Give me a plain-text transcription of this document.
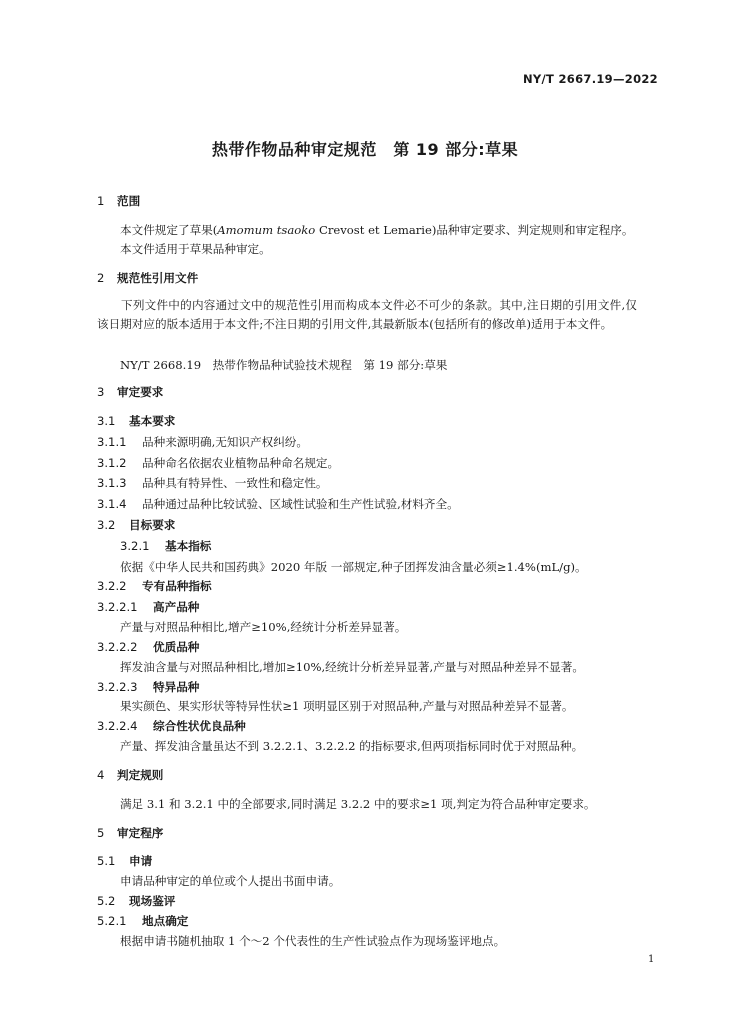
NY/T 2667.19—2022
热带作物品种审定规范　第 19 部分:草果
1 范围
本文件规定了草果(Amomum tsaoko Crevost et Lemarie)品种审定要求、判定规则和审定程序。
本文件适用于草果品种审定。
2 规范性引用文件
下列文件中的内容通过文中的规范性引用而构成本文件必不可少的条款。其中,注日期的引用文件,仅该日期对应的版本适用于本文件;不注日期的引用文件,其最新版本(包括所有的修改单)适用于本文件。
NY/T 2668.19　热带作物品种试验技术规程　第 19 部分:草果
3 审定要求
3.1 基本要求
3.1.1 品种来源明确,无知识产权纠纷。
3.1.2 品种命名依据农业植物品种命名规定。
3.1.3 品种具有特异性、一致性和稳定性。
3.1.4 品种通过品种比较试验、区域性试验和生产性试验,材料齐全。
3.2 目标要求
3.2.1 基本指标
依据《中华人民共和国药典》2020 年版 一部规定,种子团挥发油含量必须≥1.4%(mL/g)。
3.2.2 专有品种指标
3.2.2.1 高产品种
产量与对照品种相比,增产≥10%,经统计分析差异显著。
3.2.2.2 优质品种
挥发油含量与对照品种相比,增加≥10%,经统计分析差异显著,产量与对照品种差异不显著。
3.2.2.3 特异品种
果实颜色、果实形状等特异性状≥1 项明显区别于对照品种,产量与对照品种差异不显著。
3.2.2.4 综合性状优良品种
产量、挥发油含量虽达不到 3.2.2.1、3.2.2.2 的指标要求,但两项指标同时优于对照品种。
4 判定规则
满足 3.1 和 3.2.1 中的全部要求,同时满足 3.2.2 中的要求≥1 项,判定为符合品种审定要求。
5 审定程序
5.1 申请
申请品种审定的单位或个人提出书面申请。
5.2 现场鉴评
5.2.1 地点确定
根据申请书随机抽取 1 个～2 个代表性的生产性试验点作为现场鉴评地点。
1
